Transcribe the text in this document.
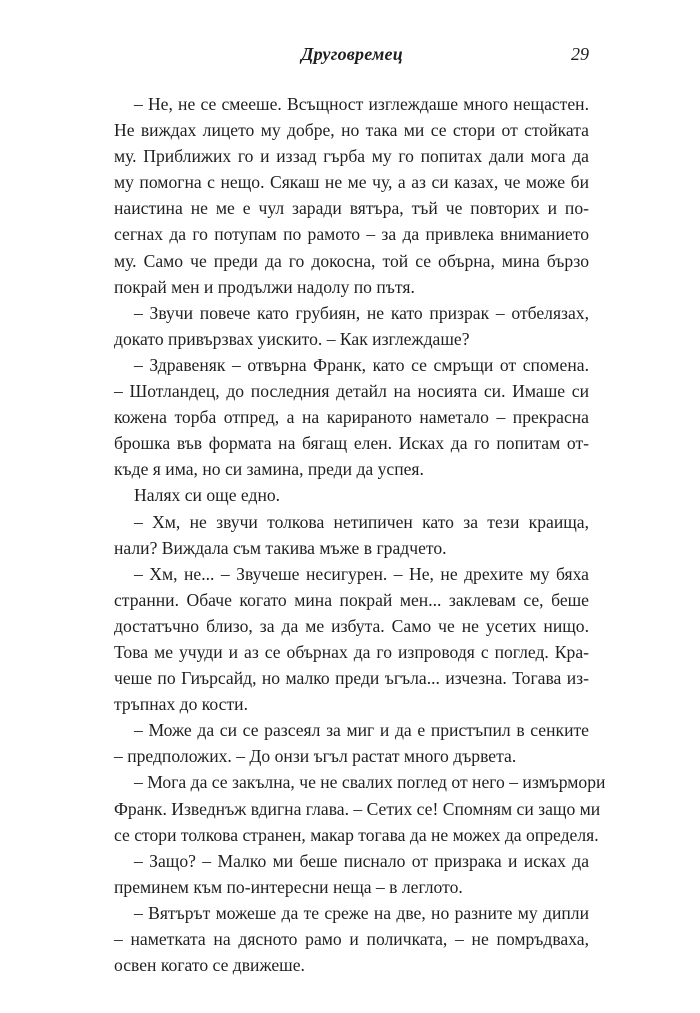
Друговремец	29
– Не, не се смееше. Всъщност изглеждаше много нещастен.
Не виждах лицето му добре, но така ми се стори от стойката
му. Приближих го и иззад гърба му го попитах дали мога да
му помогна с нещо. Сякаш не ме чу, а аз си казах, че може би
наистина не ме е чул заради вятъра, тъй че повторих и по-
сегнах да го потупам по рамото – за да привлека вниманието
му. Само че преди да го докосна, той се обърна, мина бързо
покрай мен и продължи надолу по пътя.
– Звучи повече като грубиян, не като призрак – отбелязах,
докато привързвах уискито. – Как изглеждаше?
– Здравеняк – отвърна Франк, като се смръщи от спомена.
– Шотландец, до последния детайл на носията си. Имаше си
кожена торба отпред, а на карираното наметало – прекрасна
брошка във формата на бягащ елен. Исках да го попитам от-
къде я има, но си замина, преди да успея.
Налях си още едно.
– Хм, не звучи толкова нетипичен като за тези краища,
нали? Виждала съм такива мъже в градчето.
– Хм, не... – Звучеше несигурен. – Не, не дрехите му бяха
странни. Обаче когато мина покрай мен... заклевам се, беше
достатъчно близо, за да ме избута. Само че не усетих нищо.
Това ме учуди и аз се обърнах да го изпроводя с поглед. Кра-
чеше по Гиърсайд, но малко преди ъгъла... изчезна. Тогава из-
тръпнах до кости.
– Може да си се разсеял за миг и да е пристъпил в сенките
– предположих. – До онзи ъгъл растат много дървета.
– Мога да се закълна, че не свалих поглед от него – измърмори
Франк. Изведнъж вдигна глава. – Сетих се! Спомням си защо ми
се стори толкова странен, макар тогава да не можех да определя.
– Защо? – Малко ми беше писнало от призрака и исках да
преминем към по-интересни неща – в леглото.
– Вятърът можеше да те среже на две, но разните му дипли
– наметката на дясното рамо и поличката, – не помръдваха,
освен когато се движеше.
